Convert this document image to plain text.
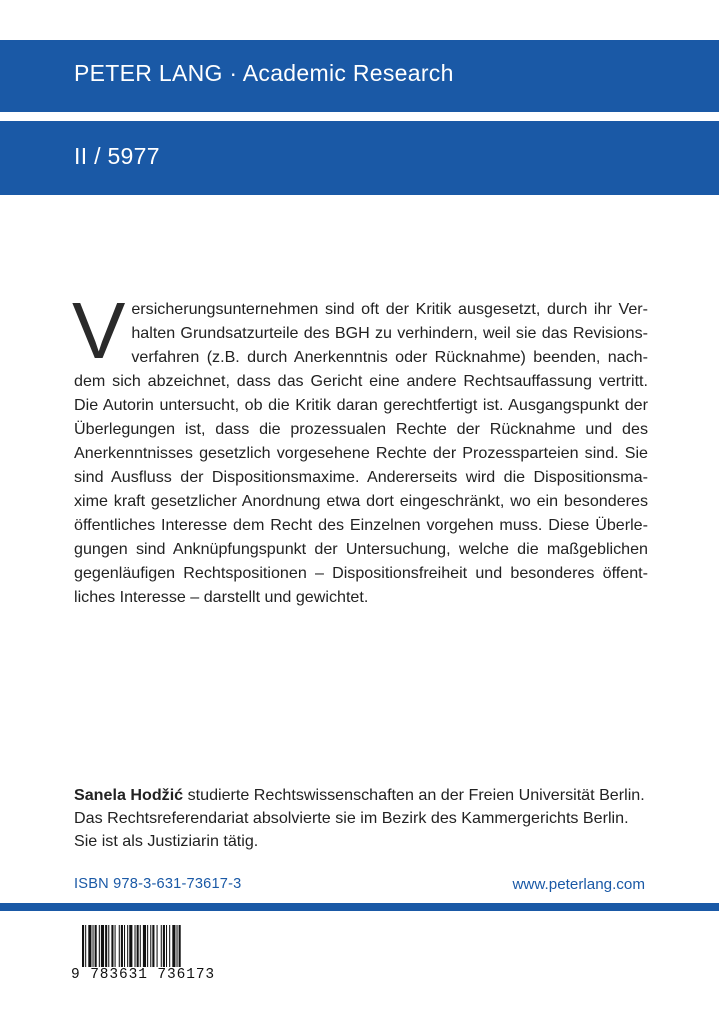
PETER LANG · Academic Research
II / 5977
Versicherungsunternehmen sind oft der Kritik ausgesetzt, durch ihr Verhalten Grundsatzurteile des BGH zu verhindern, weil sie das Revisionsverfahren (z.B. durch Anerkenntnis oder Rücknahme) beenden, nachdem sich abzeichnet, dass das Gericht eine andere Rechtsauffassung vertritt. Die Autorin untersucht, ob die Kritik daran gerechtfertigt ist. Ausgangspunkt der Überlegungen ist, dass die prozessualen Rechte der Rücknahme und des Anerkenntnisses gesetzlich vorgesehene Rechte der Prozessparteien sind. Sie sind Ausfluss der Dispositionsmaxime. Andererseits wird die Dispositionsmaxime kraft gesetzlicher Anordnung etwa dort eingeschränkt, wo ein besonderes öffentliches Interesse dem Recht des Einzelnen vorgehen muss. Diese Überlegungen sind Anknüpfungspunkt der Untersuchung, welche die maßgeblichen gegenläufigen Rechtspositionen – Dispositionsfreiheit und besonderes öffentliches Interesse – darstellt und gewichtet.
Sanela Hodžić studierte Rechtswissenschaften an der Freien Universität Berlin. Das Rechtsreferendariat absolvierte sie im Bezirk des Kammergerichts Berlin. Sie ist als Justiziarin tätig.
ISBN 978-3-631-73617-3	www.peterlang.com
9 783631 736173
